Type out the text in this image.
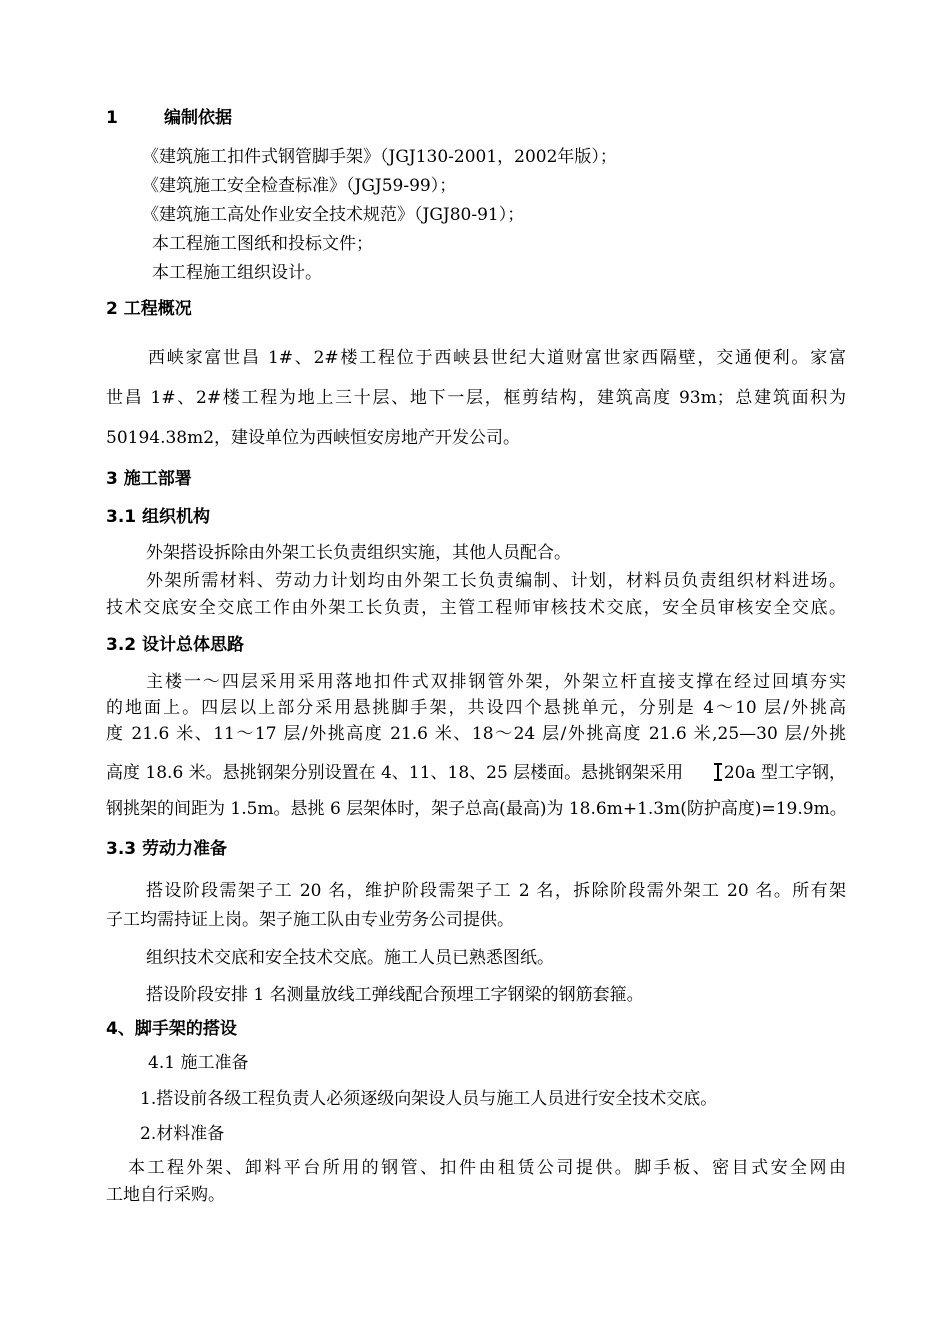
1	编制依据
《建筑施工扣件式钢管脚手架》（JGJ130-2001，2002年版）；
《建筑施工安全检查标准》（JGJ59-99）；
《建筑施工高处作业安全技术规范》（JGJ80-91）；
本工程施工图纸和投标文件；
本工程施工组织设计。
2 工程概况
西峡家富世昌 1#、2#楼工程位于西峡县世纪大道财富世家西隔壁，交通便利。家富
世昌 1#、2#楼工程为地上三十层、地下一层，框剪结构，建筑高度 93m；总建筑面积为
50194.38m2，建设单位为西峡恒安房地产开发公司。
3 施工部署
3.1 组织机构
外架搭设拆除由外架工长负责组织实施，其他人员配合。
外架所需材料、劳动力计划均由外架工长负责编制、计划，材料员负责组织材料进场。
技术交底安全交底工作由外架工长负责，主管工程师审核技术交底，安全员审核安全交底。
3.2 设计总体思路
主楼一～四层采用采用落地扣件式双排钢管外架，外架立杆直接支撑在经过回填夯实
的地面上。四层以上部分采用悬挑脚手架，共设四个悬挑单元，分别是 4～10 层/外挑高
度 21.6 米、11～17 层/外挑高度 21.6 米、18～24 层/外挑高度 21.6 米,25—30 层/外挑
高度 18.6 米。悬挑钢架分别设置在 4、11、18、25 层楼面。悬挑钢架采用	20a 型工字钢，
钢挑架的间距为 1.5m。悬挑 6 层架体时，架子总高(最高)为 18.6m+1.3m(防护高度)=19.9m。
3.3 劳动力准备
搭设阶段需架子工 20 名，维护阶段需架子工 2 名，拆除阶段需外架工 20 名。所有架
子工均需持证上岗。架子施工队由专业劳务公司提供。
组织技术交底和安全技术交底。施工人员已熟悉图纸。
搭设阶段安排 1 名测量放线工弹线配合预埋工字钢梁的钢筋套箍。
4、脚手架的搭设
4.1 施工准备
1.搭设前各级工程负责人必须逐级向架设人员与施工人员进行安全技术交底。
2.材料准备
本工程外架、卸料平台所用的钢管、扣件由租赁公司提供。脚手板、密目式安全网由
工地自行采购。
